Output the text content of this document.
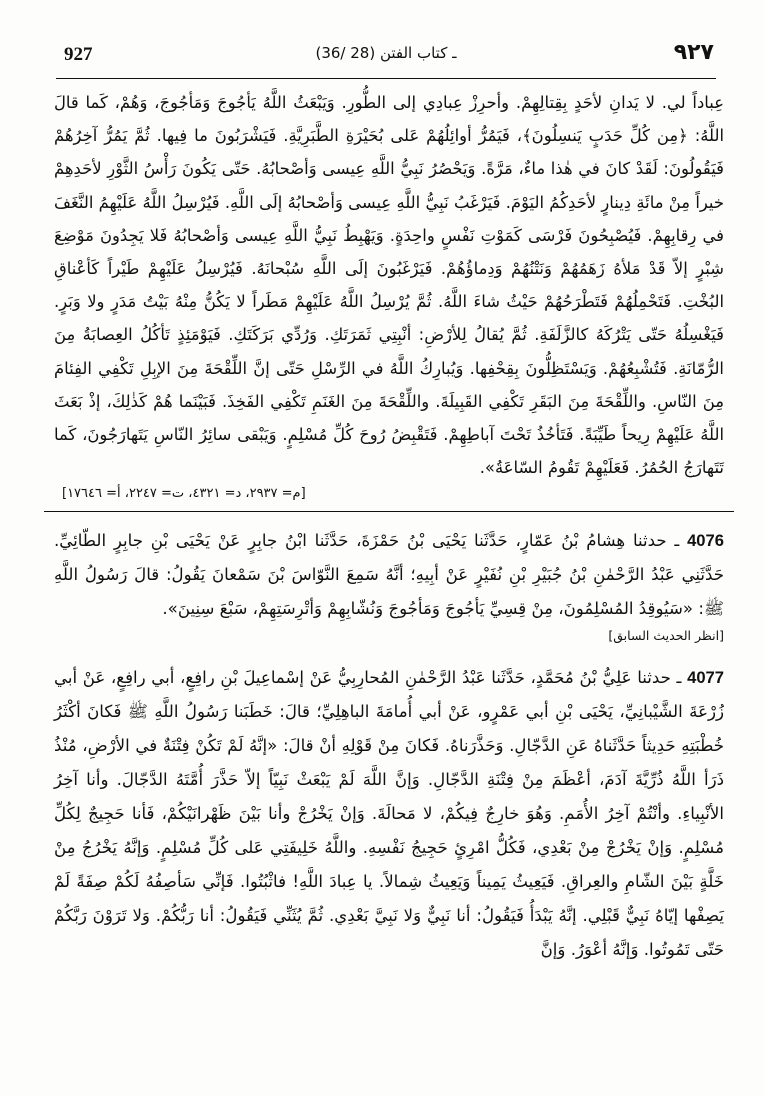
927	(36/ 28) ـ كتاب الفتن	٩٢٧

عِباداً لي. لا يَدانِ لأحَدٍ بِقِتالِهِمْ. وأحرِزْ عِبادِي إلى الطُّورِ. وَيَبْعَثُ اللَّهُ يَأجُوجَ وَمَأجُوجَ، وَهُمْ، كَما قالَ اللَّهُ: ﴿مِن كُلِّ حَدَبٍ يَنسِلُونَ﴾، فَيَمُرُّ أوائِلُهُمْ عَلى بُحَيْرَةِ الطَّبَرِيَّةِ. فَيَشْرَبُونَ ما فِيها. ثُمَّ يَمُرُّ آخِرُهُمْ فَيَقُولُونَ: لَقَدْ كانَ في هٰذا ماءٌ، مَرَّةً. وَيَحْصُرُ نَبِيُّ اللَّهِ عِيسى وَأصْحابُهُ. حَتّى يَكُونَ رَأْسُ الثَّوْرِ لأحَدِهِمْ خيراً مِنْ مائَةِ دِينارٍ لأحَدِكُمُ اليَوْمَ. فَيَرْغَبُ نَبِيُّ اللَّهِ عِيسى وَأصْحابُهُ إلَى اللَّهِ. فَيُرْسِلُ اللَّهُ عَلَيْهِمُ النَّغَفَ في رِقابِهِمْ. فَيُصْبِحُونَ فَرْسَى كَمَوْتِ نَفْسٍ واحِدَةٍ. وَيَهْبِطُ نَبِيُّ اللَّهِ عِيسى وَأصْحابُهُ فَلا يَجِدُونَ مَوْضِعَ شِبْرٍ إلاّ قَدْ مَلأهُ زَهَمُهُمْ وَنَتْنُهُمْ وَدِماؤُهُمْ. فَيَرْغَبُونَ إلَى اللَّهِ سُبْحانَهُ. فَيُرْسِلُ عَلَيْهِمْ طَيْراً كَأعْناقِ البُخْتِ. فَتَحْمِلُهُمْ فَتَطْرَحُهُمْ حَيْثُ شاءَ اللَّهُ. ثُمَّ يُرْسِلُ اللَّهُ عَلَيْهِمْ مَطَراً لا يَكُنُّ مِنْهُ بَيْتُ مَدَرٍ ولا وَبَرٍ. فَيَغْسِلُهُ حَتّى يَتْرُكَهُ كالزَّلَفَةِ. ثُمَّ يُقالُ لِلأرْضِ: أنْبِتِي ثَمَرَتَكِ. وَرُدِّي بَرَكَتَكِ. فَيَوْمَئِذٍ تَأكُلُ العِصابَةُ مِنَ الرُّمّانَةِ. فَتُشْبِعُهُمْ. وَيَسْتَظِلُّونَ بِقِحْفِها. وَيُبارِكُ اللَّهُ في الرِّسْلِ حَتّى إنَّ اللِّقْحَةَ مِنَ الإبِلِ تَكْفِي الفِئامَ مِنَ النّاسِ. واللِّقْحَةَ مِنَ البَقَرِ تَكْفِي القَبِيلَةَ. واللِّقْحَةَ مِنَ الغَنَمِ تَكْفِي الفَخِذَ. فَبَيْنَما هُمْ كَذٰلِكَ، إذْ بَعَثَ اللَّهُ عَلَيْهِمْ رِيحاً طَيِّبَةً. فَتَأخُذُ تَحْتَ آباطِهِمْ. فَتَقْبِضُ رُوحَ كُلِّ مُسْلِمٍ. وَيَبْقى سائِرُ النّاسِ يَتَهارَجُونَ، كَما تَتَهارَجُ الحُمُرُ. فَعَلَيْهِمْ تَقُومُ السّاعَةُ».

[م= ٢٩٣٧، د= ٤٣٢١، ت= ٢٢٤٧، أ= ١٧٦٤٦]

4076 ـ حدثنا هِشامُ بْنُ عَمّارٍ، حَدَّثَنا يَحْيَى بْنُ حَمْزَةَ، حَدَّثَنا ابْنُ جابِرٍ عَنْ يَحْيَى بْنِ جابِرٍ الطّائِيِّ. حَدَّثَنِي عَبْدُ الرَّحْمٰنِ بْنُ جُبَيْرِ بْنِ نُفَيْرٍ عَنْ أبِيهِ؛ أنَّهُ سَمِعَ النَّوّاسَ بْنَ سَمْعانَ يَقُولُ: قالَ رَسُولُ اللَّهِ ﷺ: «سَيُوقِدُ المُسْلِمُونَ، مِنْ قِسِيِّ يَأجُوجَ وَمَأجُوجَ وَنُشّابِهِمْ وَأتْرِسَتِهِمْ، سَبْعَ سِنِينَ».

[انظر الحديث السابق]

4077 ـ حدثنا عَلِيُّ بْنُ مُحَمَّدٍ، حَدَّثَنا عَبْدُ الرَّحْمٰنِ المُحارِبِيُّ عَنْ إسْماعِيلَ بْنِ رافِعٍ، أبي رافِعٍ، عَنْ أبي زُرْعَةَ الشَّيْبانِيِّ، يَحْيَى بْنِ أبي عَمْرٍو، عَنْ أبي أُمامَةَ الباهِلِيِّ؛ قالَ: خَطَبَنا رَسُولُ اللَّهِ ﷺ فَكانَ أكْثَرُ خُطْبَتِهِ حَدِيثاً حَدَّثَناهُ عَنِ الدَّجّالِ. وَحَذَّرَناهُ. فَكانَ مِنْ قَوْلِهِ أنْ قالَ: «إنَّهُ لَمْ تَكُنْ فِتْنَةٌ في الأرْضِ، مُنْذُ ذَرَأ اللَّهُ ذُرِّيَّةَ آدَمَ، أعْظَمَ مِنْ فِتْنَةِ الدَّجّالِ. وَإنَّ اللَّهَ لَمْ يَبْعَثْ نَبِيّاً إلاّ حَذَّرَ أُمَّتَهُ الدَّجّالَ. وأنا آخِرُ الأنْبِياءِ. وأنْتُمْ آخِرُ الأُمَمِ. وَهُوَ خارِجٌ فِيكُمْ، لا مَحالَةَ. وَإنْ يَخْرُجْ وأنا بَيْنَ ظَهْرانَيْكُمْ، فَأنا حَجِيجٌ لِكُلِّ مُسْلِمٍ. وَإنْ يَخْرُجْ مِنْ بَعْدِي، فَكُلُّ امْرِئٍ حَجِيجُ نَفْسِهِ. واللَّهُ خَلِيفَتِي عَلى كُلِّ مُسْلِمٍ. وَإنَّهُ يَخْرُجُ مِنْ خَلَّةٍ بَيْنَ الشّامِ والعِراقِ. فَيَعِيثُ يَمِيناً وَيَعِيثُ شِمالاً. يا عِبادَ اللَّهِ! فاثْبُتُوا. فَإنِّي سَأصِفُهُ لَكُمْ صِفَةً لَمْ يَصِفْها إيّاهُ نَبِيٌّ قَبْلِي. إنَّهُ يَبْدَأُ فَيَقُولُ: أنا نَبِيٌّ وَلا نَبِيَّ بَعْدِي. ثُمَّ يُثَنِّي فَيَقُولُ: أنا رَبُّكُمْ. وَلا تَرَوْنَ رَبَّكُمْ حَتّى تَمُوتُوا. وَإنَّهُ أعْوَرُ. وَإنَّ
